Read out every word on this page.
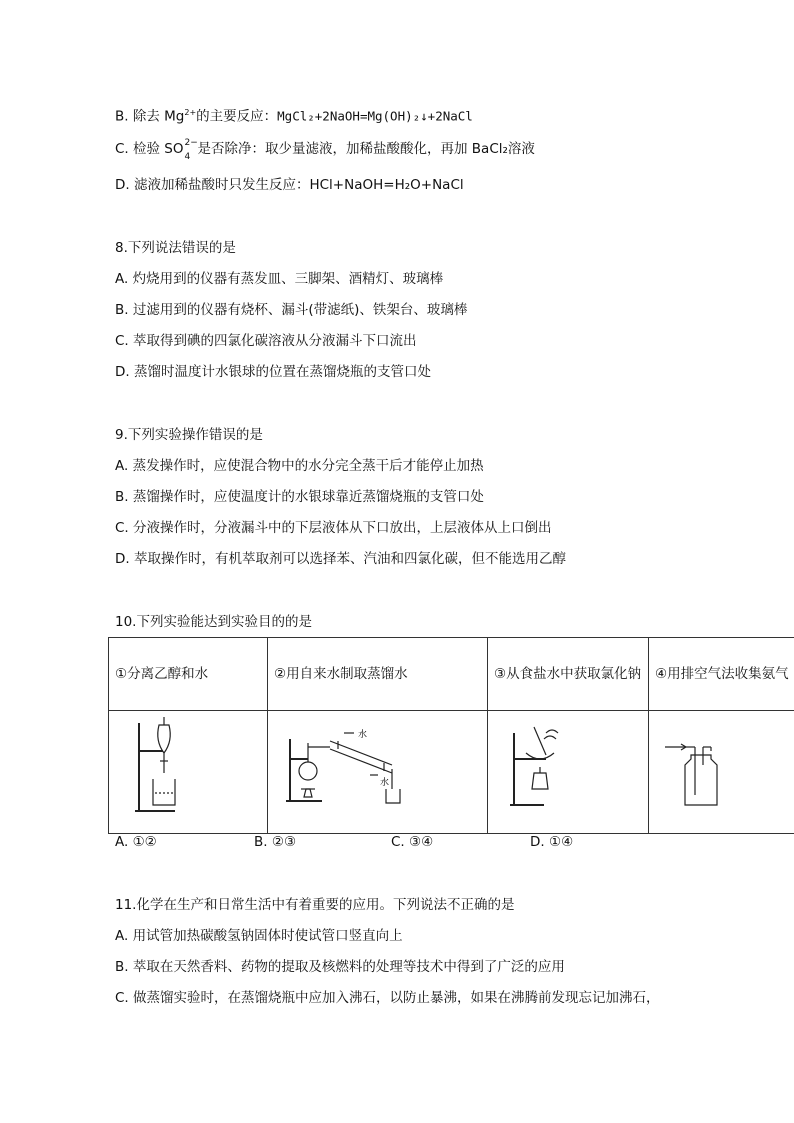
B. 除去 $Mg^{2+}$的主要反应：MgCl₂+2NaOH=Mg(OH)₂↓+2NaCl
C. 检验 SO 2−
4 是否除净：取少量滤液，加稀盐酸酸化，再加 BaCl₂溶液
D. 滤液加稀盐酸时只发生反应：HCl+NaOH=H₂O+NaCl
8.下列说法错误的是
A. 灼烧用到的仪器有蒸发皿、三脚架、酒精灯、玻璃棒
B. 过滤用到的仪器有烧杯、漏斗(带滤纸)、铁架台、玻璃棒
C. 萃取得到碘的四氯化碳溶液从分液漏斗下口流出
D. 蒸馏时温度计水银球的位置在蒸馏烧瓶的支管口处
9.下列实验操作错误的是
A. 蒸发操作时，应使混合物中的水分完全蒸干后才能停止加热
B. 蒸馏操作时，应使温度计的水银球靠近蒸馏烧瓶的支管口处
C. 分液操作时，分液漏斗中的下层液体从下口放出，上层液体从上口倒出
D. 萃取操作时，有机萃取剂可以选择苯、汽油和四氯化碳，但不能选用乙醇
10.下列实验能达到实验目的的是
①分离乙醇和水	②用自来水制取蒸馏水	③从食盐水中获取氯化钠	④用排空气法收集氨气

水
水

A. ①②	B. ②③	C. ③④	D. ①④
11.化学在生产和日常生活中有着重要的应用。下列说法不正确的是
A. 用试管加热碳酸氢钠固体时使试管口竖直向上
B. 萃取在天然香料、药物的提取及核燃料的处理等技术中得到了广泛的应用
C. 做蒸馏实验时，在蒸馏烧瓶中应加入沸石，以防止暴沸，如果在沸腾前发现忘记加沸石，
